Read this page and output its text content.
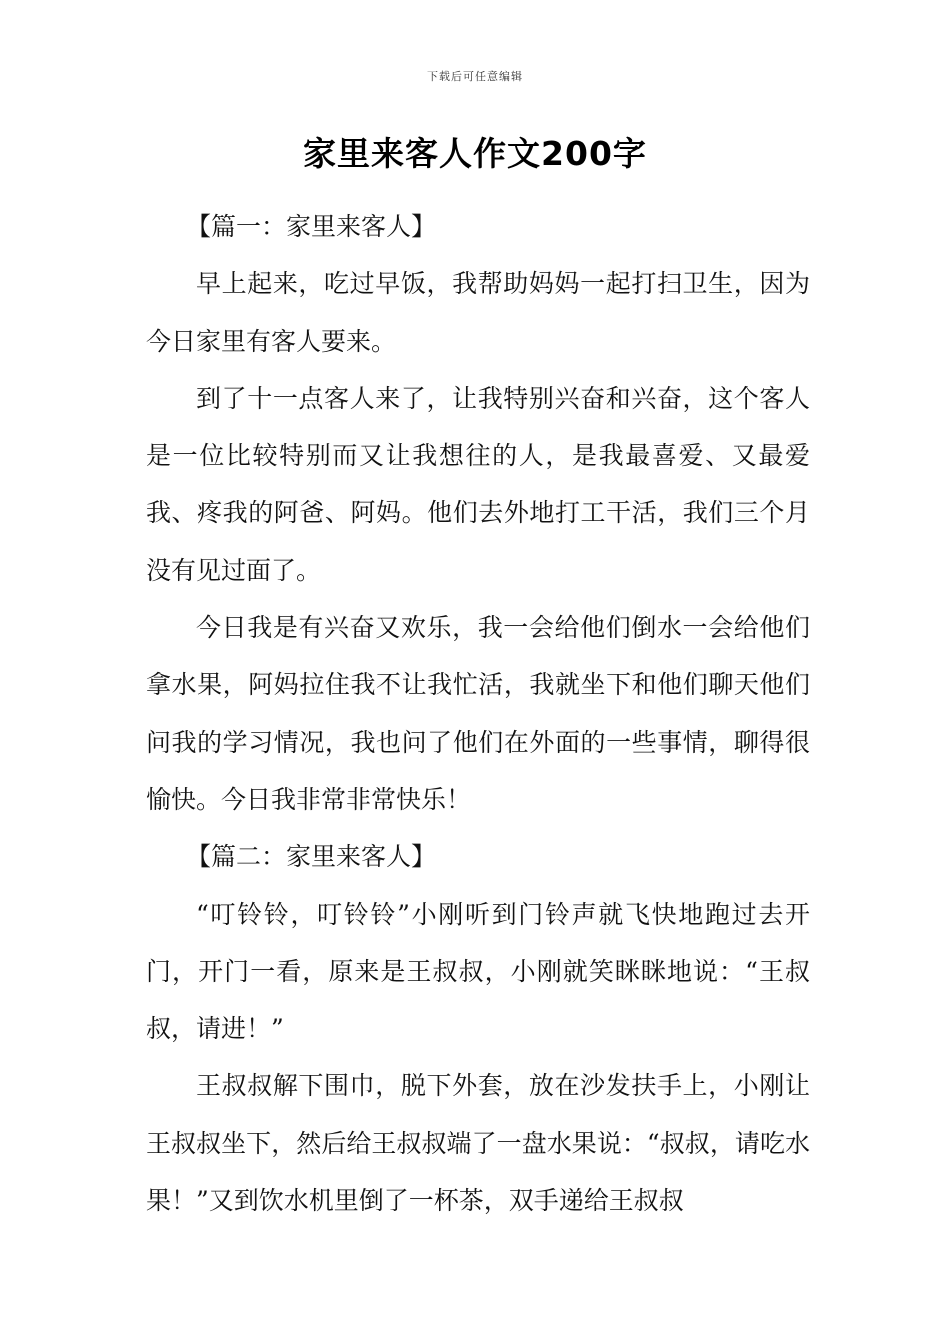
下载后可任意编辑
家里来客人作文200字

【篇一：家里来客人】

早上起来，吃过早饭，我帮助妈妈一起打扫卫生，因为今日家里有客人要来。

到了十一点客人来了，让我特别兴奋和兴奋，这个客人是一位比较特别而又让我想往的人，是我最喜爱、又最爱我、疼我的阿爸、阿妈。他们去外地打工干活，我们三个月没有见过面了。

今日我是有兴奋又欢乐，我一会给他们倒水一会给他们拿水果，阿妈拉住我不让我忙活，我就坐下和他们聊天他们问我的学习情况，我也问了他们在外面的一些事情，聊得很愉快。今日我非常非常快乐！

【篇二：家里来客人】

“叮铃铃，叮铃铃”小刚听到门铃声就飞快地跑过去开门，开门一看，原来是王叔叔，小刚就笑眯眯地说：“王叔叔，请进！”

王叔叔解下围巾，脱下外套，放在沙发扶手上，小刚让王叔叔坐下，然后给王叔叔端了一盘水果说：“叔叔，请吃水果！”又到饮水机里倒了一杯茶，双手递给王叔叔
